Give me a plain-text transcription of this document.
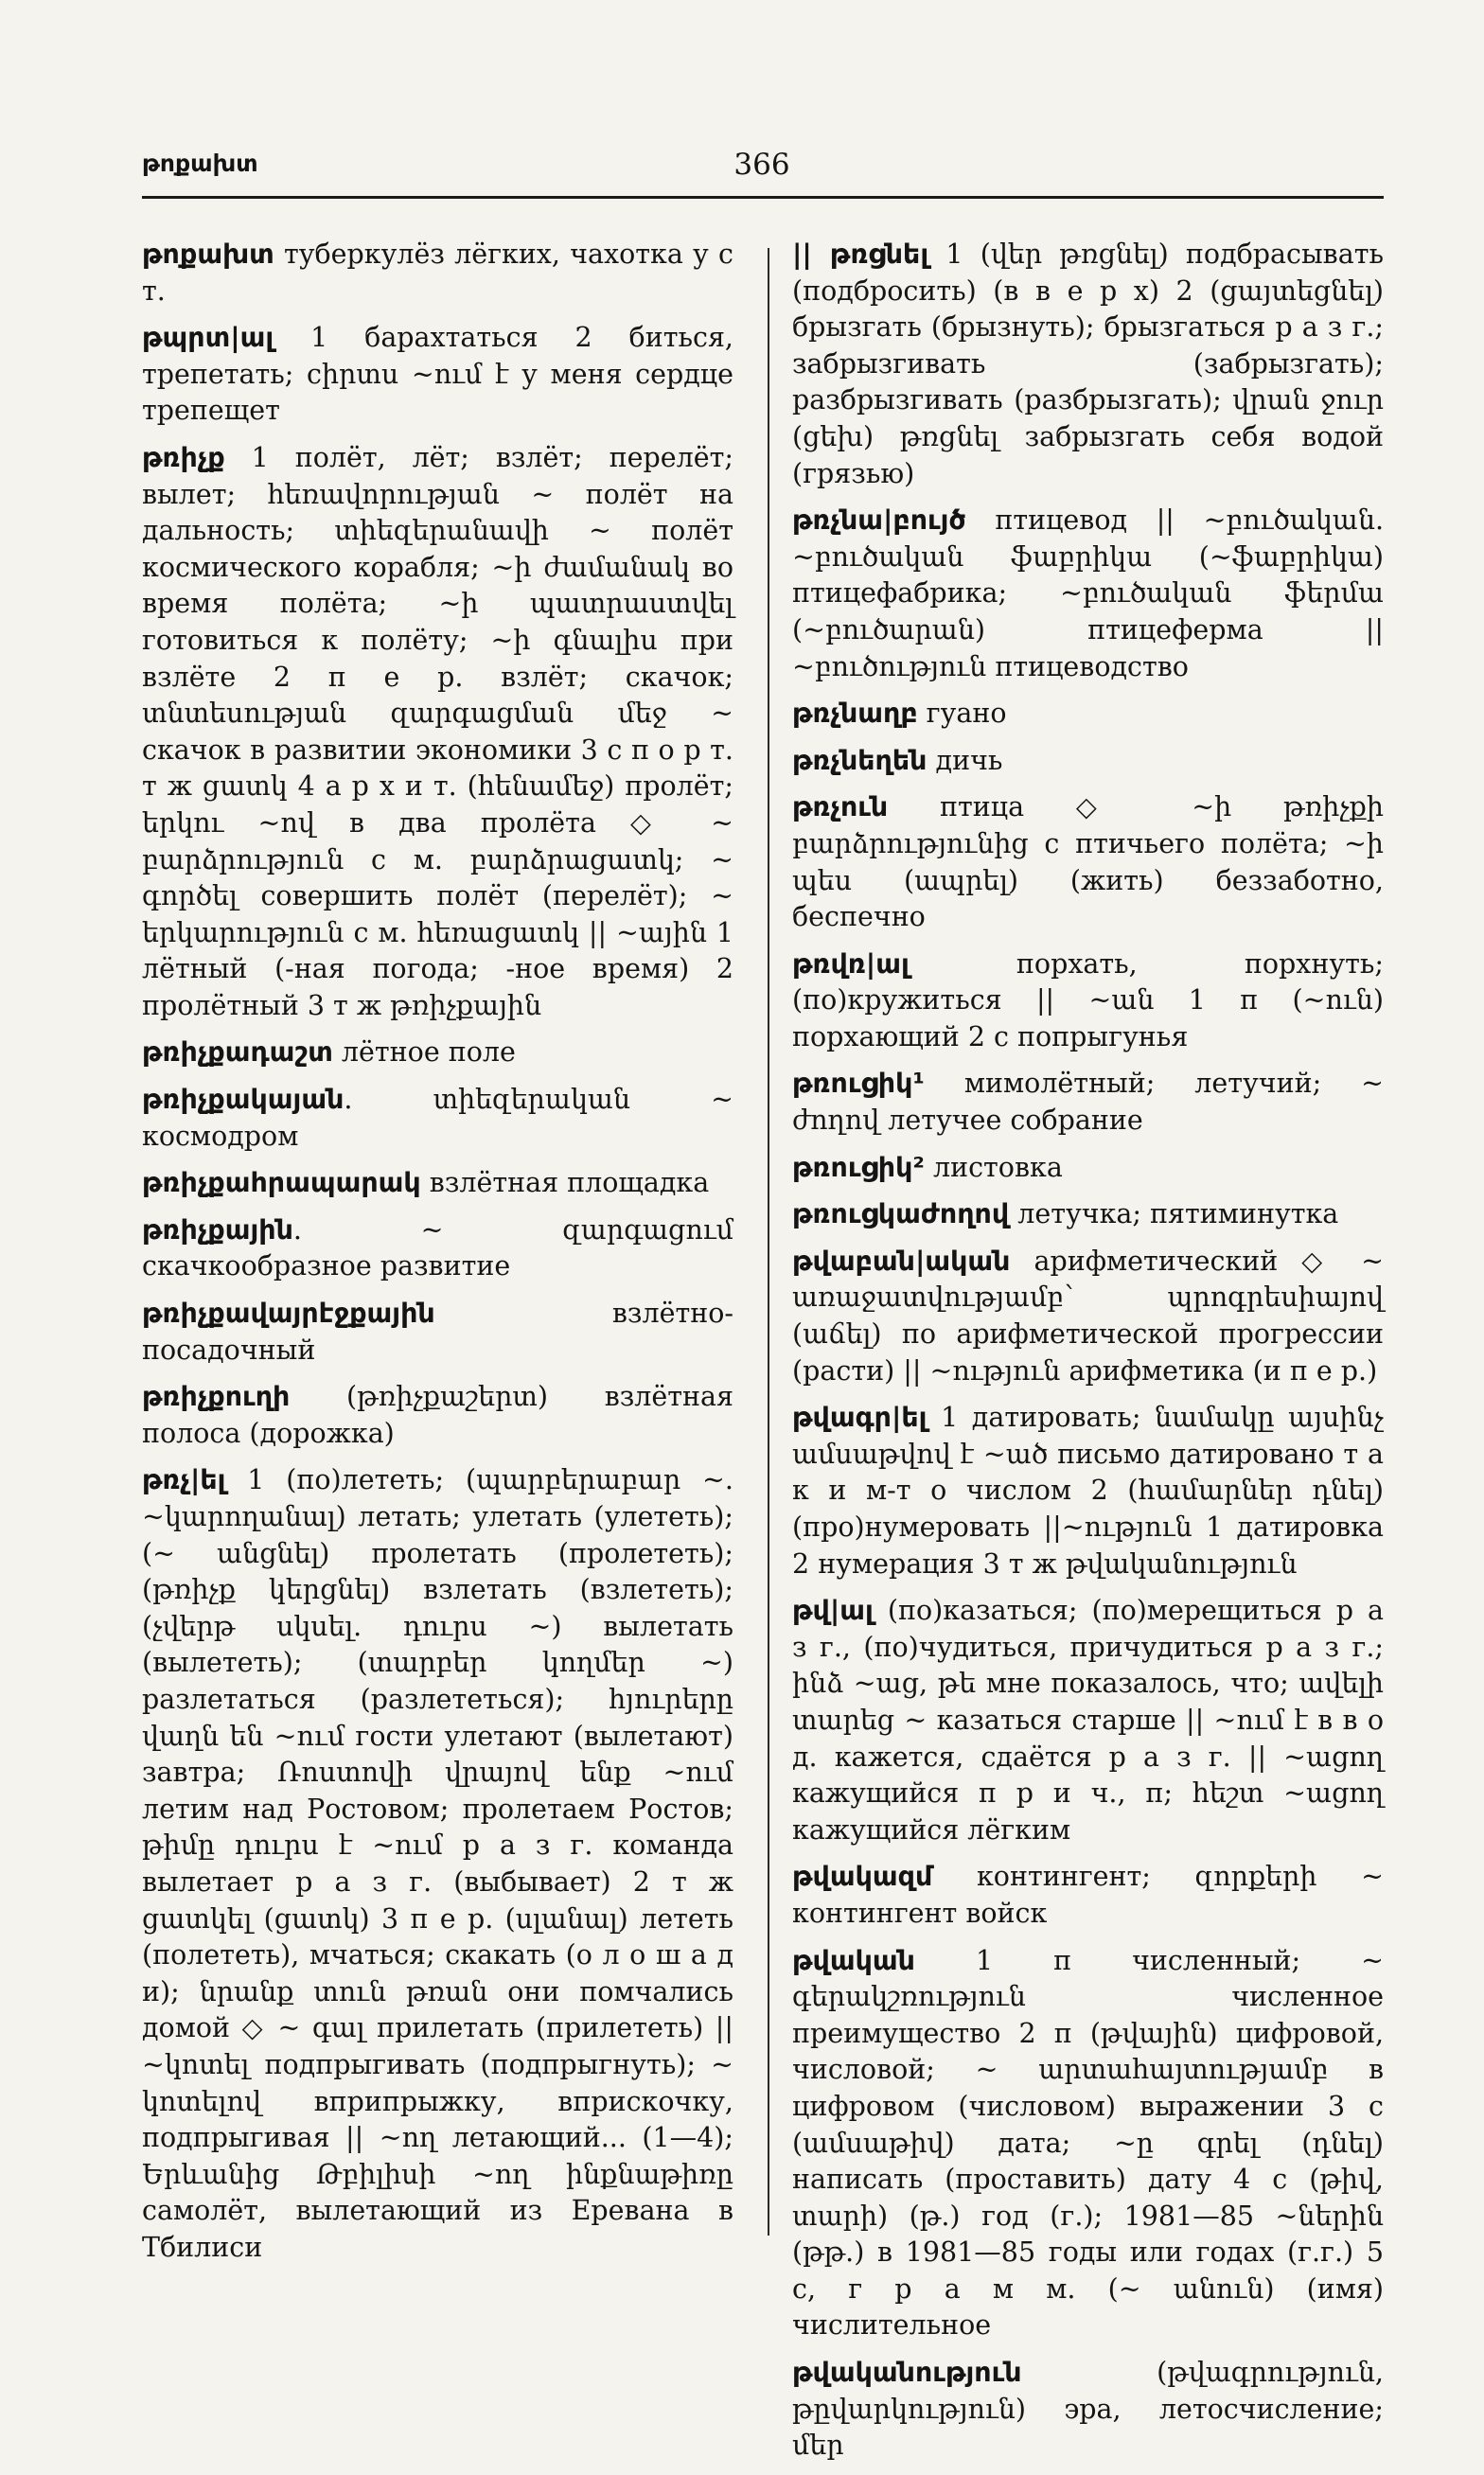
թոքախտ	366

թոքախտ туберкулёз лёгких, чахотка у с т.

թպրտ|ալ 1 барахтаться 2 биться, трепетать; сիրտս ~ում է у меня сердце трепещет

թռիչք 1 полёт, лёт; взлёт; перелёт; вылет; հեռավորության ~ полёт на дальность; տիեզերանավի ~ полёт космического корабля; ~ի ժամանակ во время полёта; ~ի պատրաստվել готовиться к полёту; ~ի գնալիս при взлёте 2 п е р. взлёт; скачок; տնտեսության զարգացման մեջ ~ скачок в развитии экономики 3 с п о р т. т ж ցատկ 4 а р х и т. (հենամեջ) пролёт; երկու ~ով в два пролёта ◇ ~ բարձրություն с м. բարձրացատկ; ~ գործել совершить полёт (перелёт); ~ երկարություն с м. հեռացատկ || ~ային 1 лётный (-ная погода; -ное время) 2 пролётный 3 т ж թռիչքային

թռիչքադաշտ лётное поле

թռիչքակայան. տիեզերական ~ космодром

թռիչքահրապարակ взлётная площадка

թռիչքային. ~ զարգացում скачкообразное развитие

թռիչքավայրէջքային взлётно-посадочный

թռիչքուղի (թռիչքաշերտ) взлётная полоса (дорожка)

թռչ|ել 1 (по)лететь; (պարբերաբար ~. ~կարողանալ) летать; улетать (улететь); (~ անցնել) пролетать (пролететь); (թռիչք կերցնել) взлетать (взлететь); (չվերթ սկսել. դուրս ~) вылетать (вылететь); (տարբեր կողմեր ~) разлетаться (разлететься); հյուրերը վաղն են ~ում гости улетают (вылетают) завтра; Ռոստովի վրայով ենք ~ում летим над Ростовом; пролетаем Ростов; թիմը դուրս է ~ում р а з г. команда вылетает р а з г. (выбывает) 2 т ж ցատկել (ցատկ) 3 п е р. (սլանալ) лететь (полететь), мчаться; скакать (о л о ш а д и); նրանք տուն թռան они помчались домой ◇ ~ գալ прилетать (прилететь) || ~կոտել подпрыгивать (подпрыгнуть); ~ կոտելով вприпрыжку, вприскочку, подпрыгивая || ~ող летающий... (1—4); Երևանից Թբիլիսի ~ող ինքնաթիռը самолёт, вылетающий из Еревана в Тбилиси

|| թռցնել 1 (վեր թռցնել) подбрасывать (подбросить) (в в е р х) 2 (ցայտեցնել) брызгать (брызнуть); брызгаться р а з г.; забрызгивать (забрызгать); разбрызгивать (разбрызгать); վրան ջուր (ցեխ) թռցնել забрызгать себя водой (грязью)

թռչնա|բույծ птицевод || ~բուծական. ~բուծական ֆաբրիկա (~ֆաբրիկա) птицефабрика; ~բուծական ֆերմա (~բուծարան) птицеферма || ~բուծություն птицеводство

թռչնաղբ гуано

թռչնեղեն дичь

թռչուն птица ◇ ~ի թռիչքի բարձրությունից с птичьего полёта; ~ի պես (ապրել) (жить) беззаботно, беспечно

թռվռ|ալ порхать, порхнуть; (по)кружиться || ~ան 1 п (~ուն) порхающий 2 с попрыгунья

թռուցիկ¹ мимолётный; летучий; ~ ժողով летучее собрание

թռուցիկ² листовка

թռուցկաժողով летучка; пятиминутка

թվաբան|ական арифметический ◇ ~ առաջատվությամբ՝ պրոգրեսիայով (աճել) по арифметической прогрессии (расти) || ~ություն арифметика (и п е р.)

թվագր|ել 1 датировать; նամակը այսինչ ամսաթվով է ~ած письмо датировано т а к и м-т о числом 2 (համարներ դնել) (про)нумеровать ||~ություն 1 датировка 2 нумерация 3 т ж թվականություն

թվ|ալ (по)казаться; (по)мерещиться р а з г., (по)чудиться, причудиться р а з г.; ինձ ~աց, թե мне показалось, что; ավելի տարեց ~ казаться старше || ~ում է в в о д. кажется, сдаётся р а з г. || ~ացող кажущийся п р и ч., п; հեշտ ~ացող кажущийся лёгким

թվակազմ контингент; զորքերի ~ контингент войск

թվական 1 п численный; ~ գերակշռություն численное преимущество 2 п (թվային) цифровой, числовой; ~ արտահայտությամբ в цифровом (числовом) выражении 3 с (ամսաթիվ) дата; ~ը գրել (դնել) написать (проставить) дату 4 с (թիվ, տարի) (թ.) год (г.); 1981—85 ~ներին (թթ.) в 1981—85 годы или годах (г.г.) 5 с, г р а м м. (~ անուն) (имя) числительное

թվականություն (թվագրություն, թըվարկություն) эра, летосчисление; մեր
